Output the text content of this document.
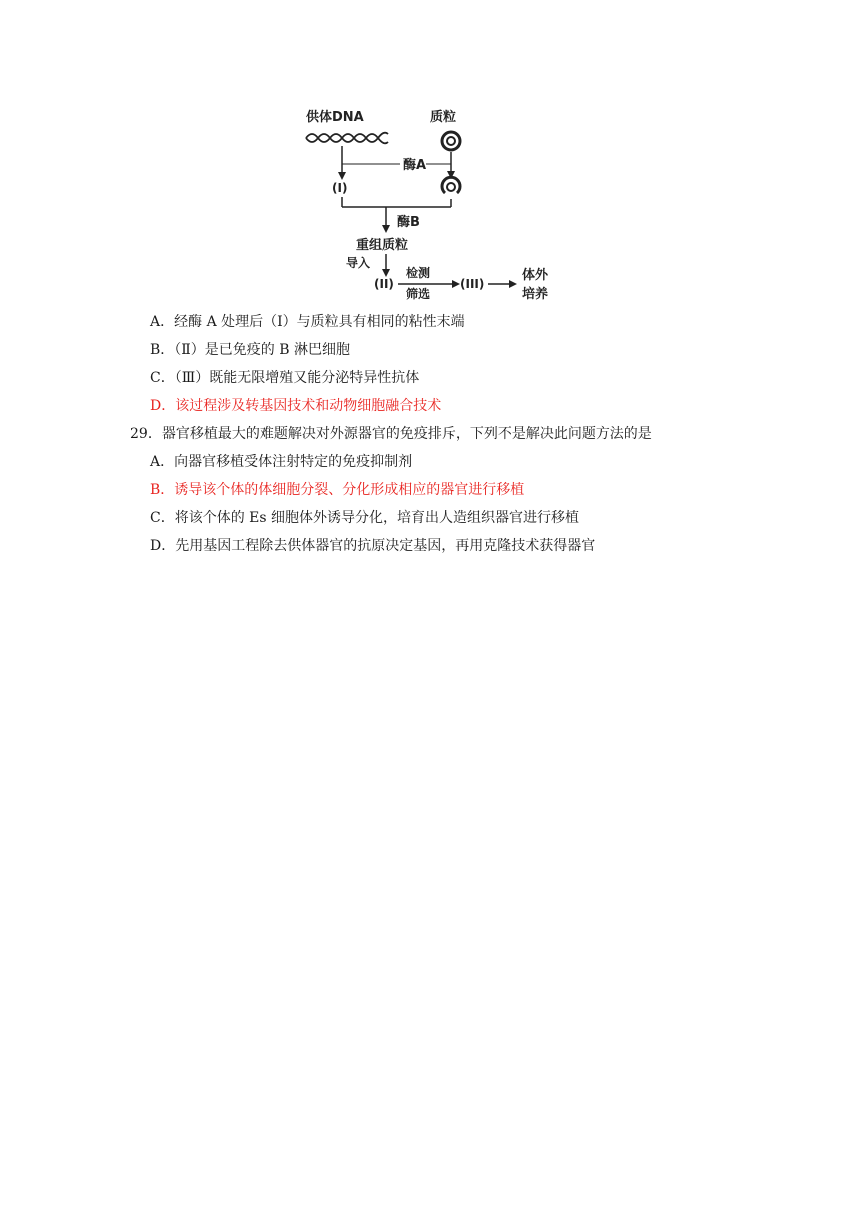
供体DNA	质粒
酶A
(I)
酶B
重组质粒
导入
(II)
检测
筛选
(III)
体外
培养
A．经酶 A 处理后（Ⅰ）与质粒具有相同的粘性末端
B．（Ⅱ）是已免疫的 B 淋巴细胞
C．（Ⅲ）既能无限增殖又能分泌特异性抗体
D．该过程涉及转基因技术和动物细胞融合技术
29．器官移植最大的难题解决对外源器官的免疫排斥，下列不是解决此问题方法的是
A．向器官移植受体注射特定的免疫抑制剂
B．诱导该个体的体细胞分裂、分化形成相应的器官进行移植
C．将该个体的 Es 细胞体外诱导分化，培育出人造组织器官进行移植
D．先用基因工程除去供体器官的抗原决定基因，再用克隆技术获得器官
